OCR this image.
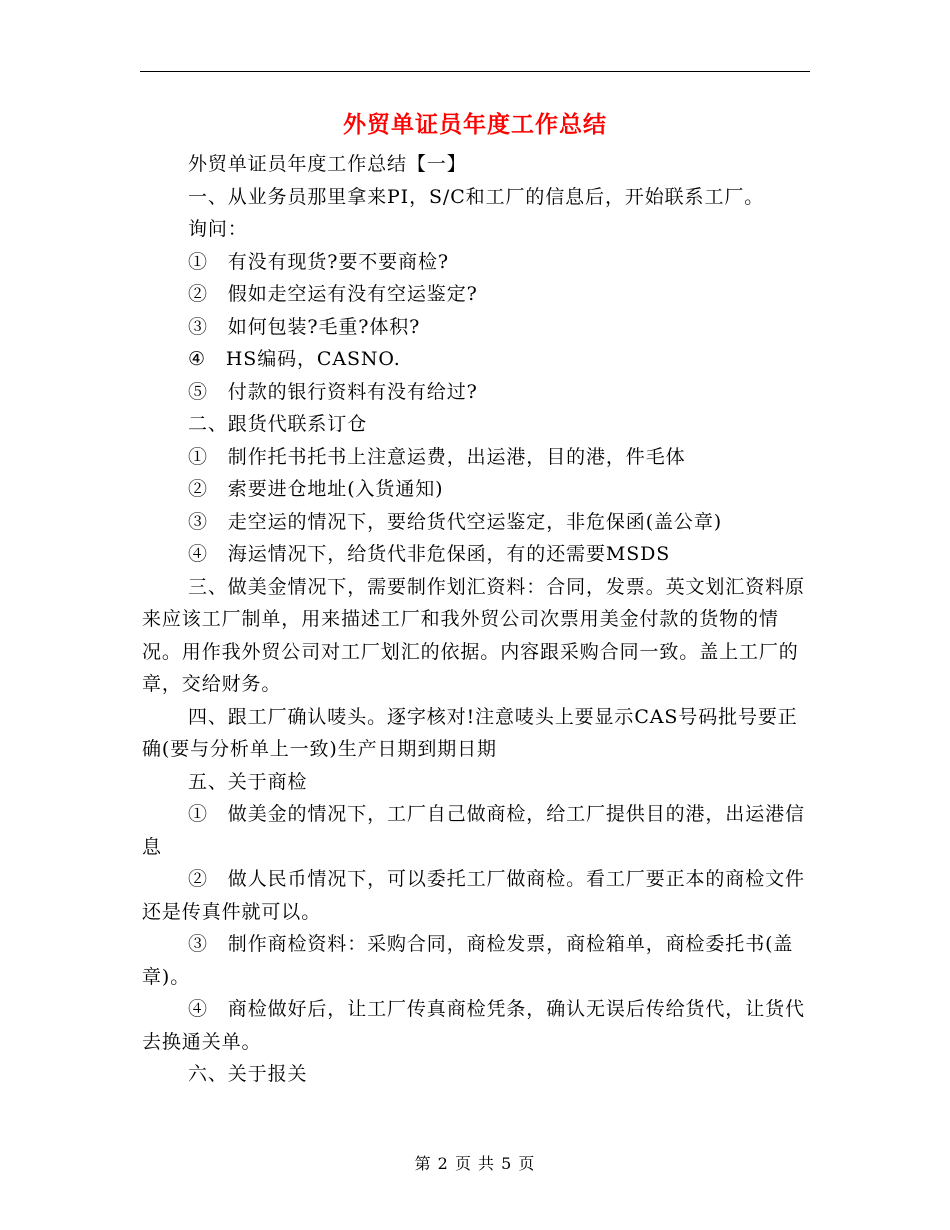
外贸单证员年度工作总结

外贸单证员年度工作总结【一】

一、从业务员那里拿来PI，S/C和工厂的信息后，开始联系工厂。

询问：

①　有没有现货?要不要商检?

②　假如走空运有没有空运鉴定?

③　如何包装?毛重?体积?

④　HS编码，CASNO.

⑤　付款的银行资料有没有给过?

二、跟货代联系订仓

①　制作托书托书上注意运费，出运港，目的港，件毛体

②　索要进仓地址(入货通知)

③　走空运的情况下，要给货代空运鉴定，非危保函(盖公章)

④　海运情况下，给货代非危保函，有的还需要MSDS

三、做美金情况下，需要制作划汇资料：合同，发票。英文划汇资料原来应该工厂制单，用来描述工厂和我外贸公司次票用美金付款的货物的情况。用作我外贸公司对工厂划汇的依据。内容跟采购合同一致。盖上工厂的章，交给财务。

四、跟工厂确认唛头。逐字核对!注意唛头上要显示CAS号码批号要正确(要与分析单上一致)生产日期到期日期

五、关于商检

①　做美金的情况下，工厂自己做商检，给工厂提供目的港，出运港信息

②　做人民币情况下，可以委托工厂做商检。看工厂要正本的商检文件还是传真件就可以。

③　制作商检资料：采购合同，商检发票，商检箱单，商检委托书(盖章)。

④　商检做好后，让工厂传真商检凭条，确认无误后传给货代，让货代去换通关单。

六、关于报关

第 2 页 共 5 页
